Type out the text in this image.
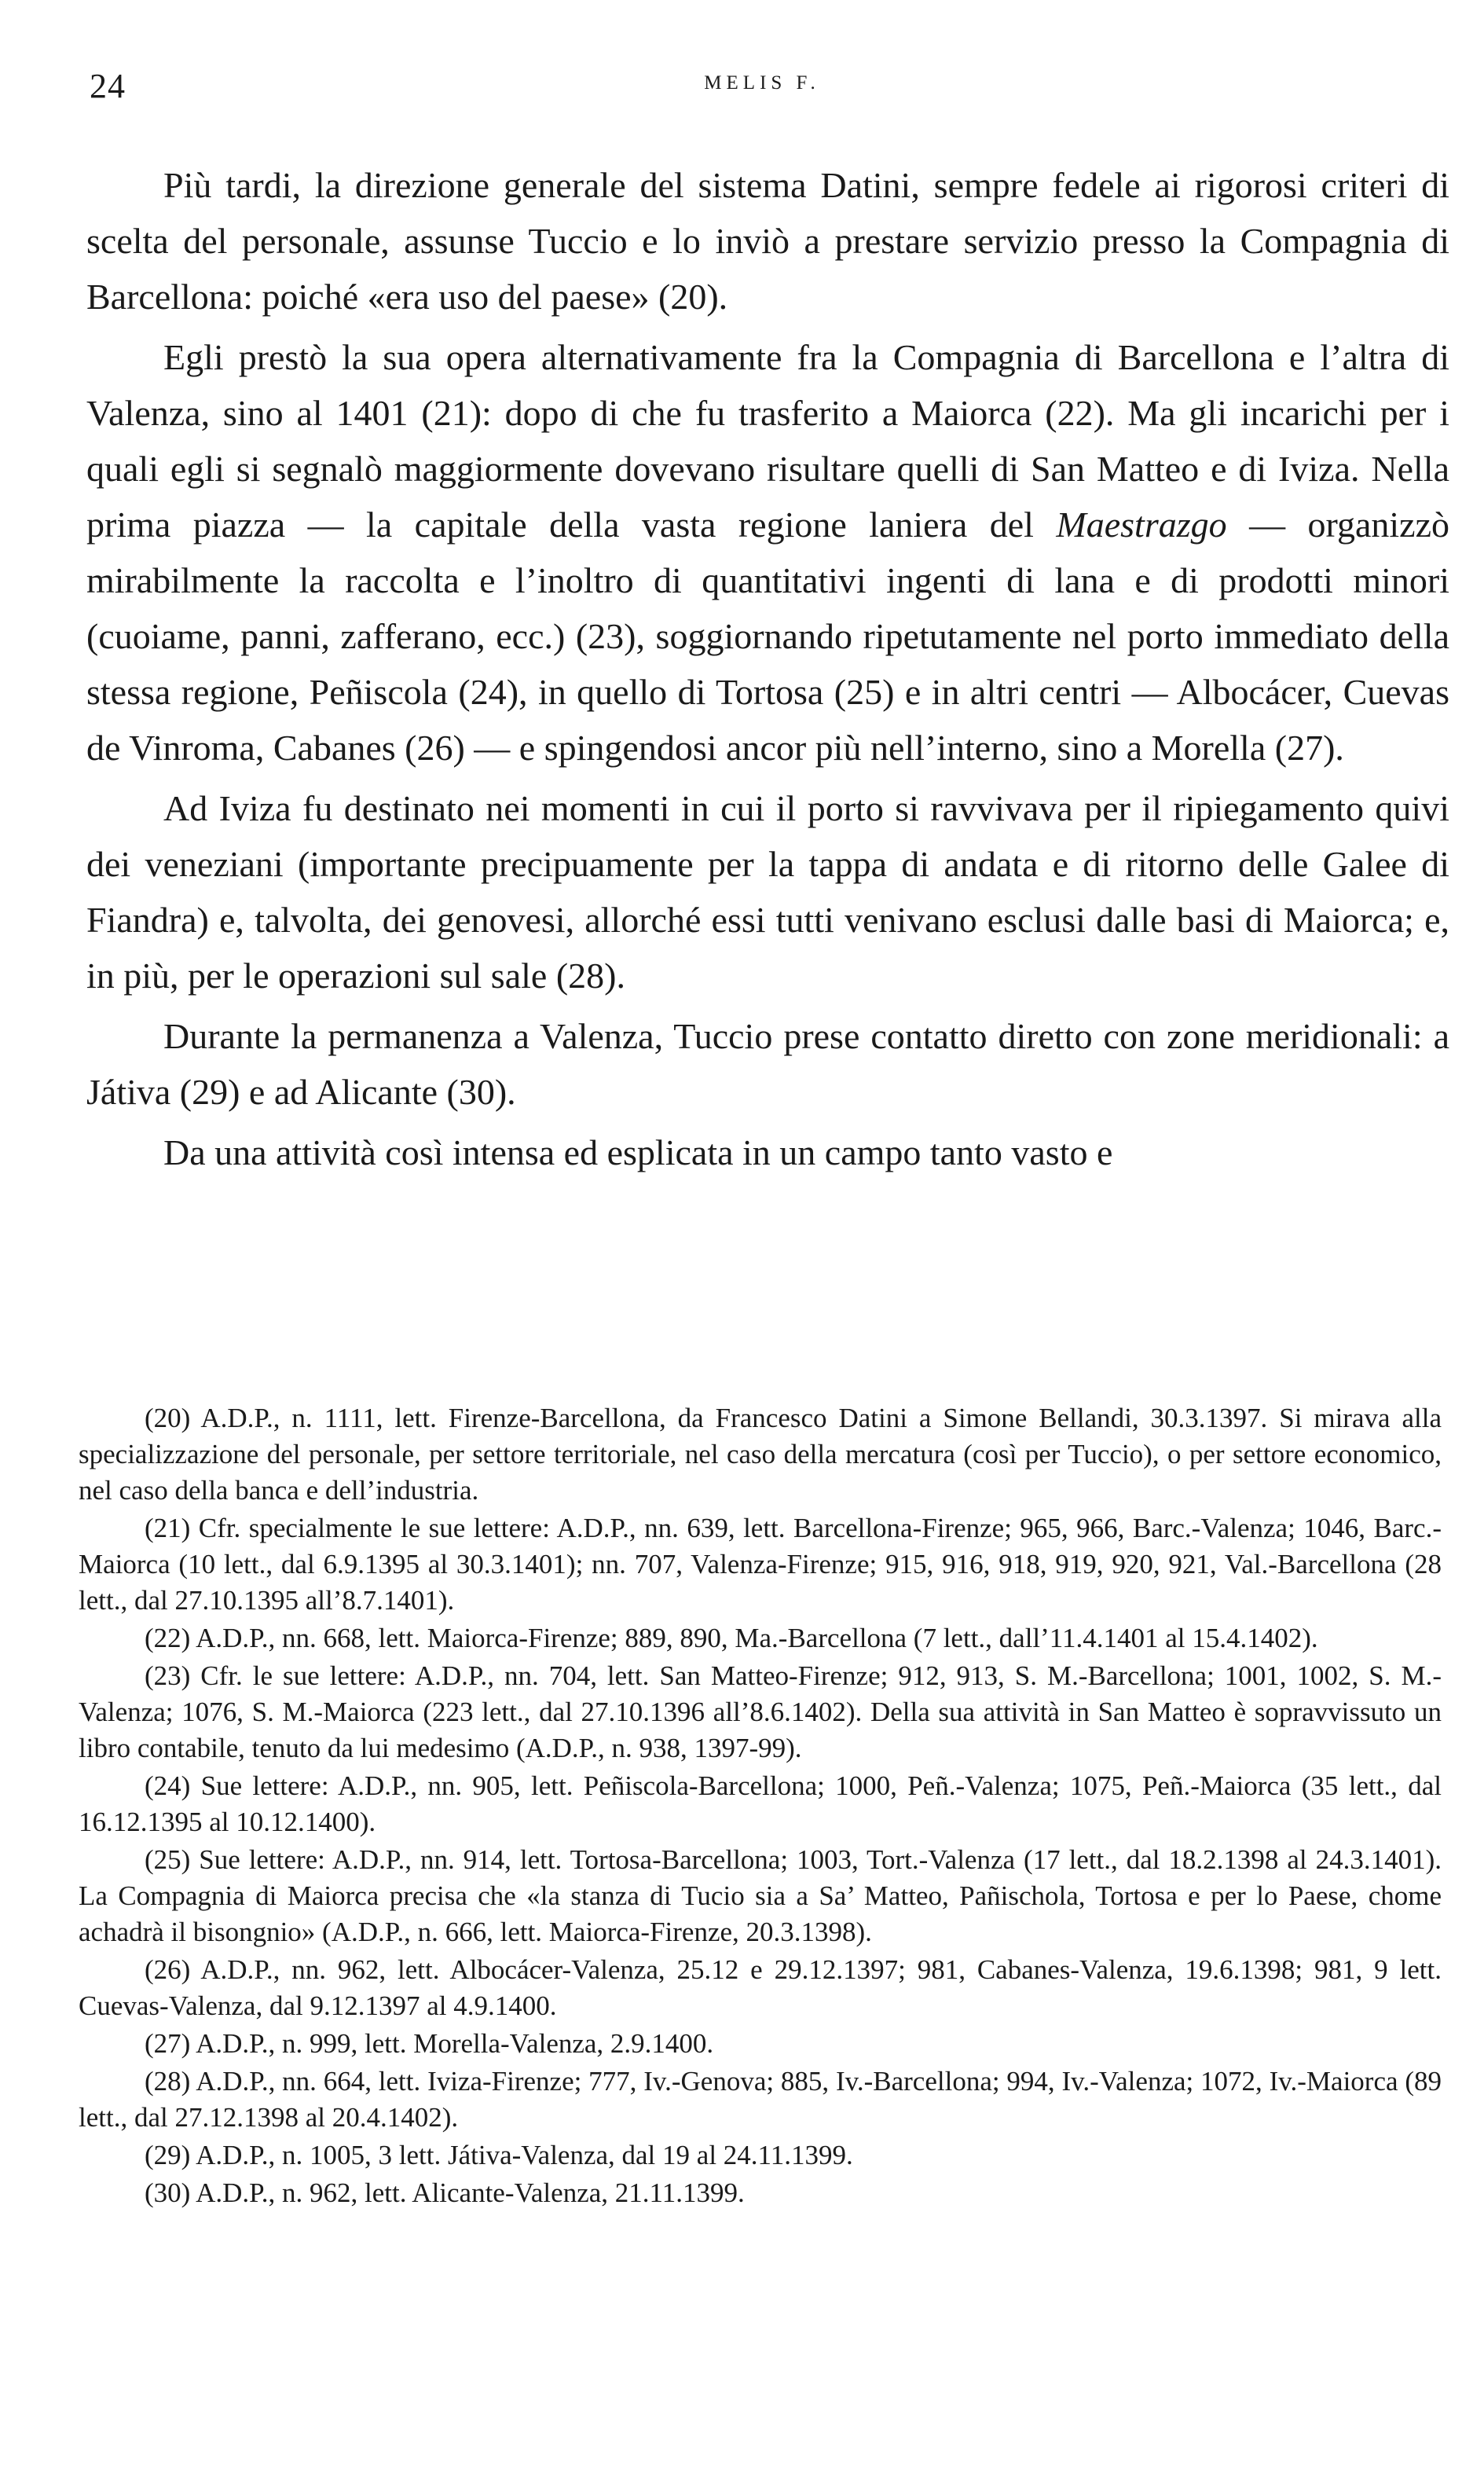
24	MELIS F.

Più tardi, la direzione generale del sistema Datini, sempre fedele ai rigorosi criteri di scelta del personale, assunse Tuccio e lo inviò a prestare servizio presso la Compagnia di Barcellona: poiché «era uso del paese» (20).

Egli prestò la sua opera alternativamente fra la Compagnia di Barcellona e l’altra di Valenza, sino al 1401 (21): dopo di che fu trasferito a Maiorca (22). Ma gli incarichi per i quali egli si segnalò maggiormente dovevano risultare quelli di San Matteo e di Iviza. Nella prima piazza — la capitale della vasta regione laniera del Maestrazgo — organizzò mirabilmente la raccolta e l’inoltro di quantitativi ingenti di lana e di prodotti minori (cuoiame, panni, zafferano, ecc.) (23), soggiornando ripetutamente nel porto immediato della stessa regione, Peñiscola (24), in quello di Tortosa (25) e in altri centri — Albocácer, Cuevas de Vinroma, Cabanes (26) — e spingendosi ancor più nell’interno, sino a Morella (27).

Ad Iviza fu destinato nei momenti in cui il porto si ravvivava per il ripiegamento quivi dei veneziani (importante precipuamente per la tappa di andata e di ritorno delle Galee di Fiandra) e, talvolta, dei genovesi, allorché essi tutti venivano esclusi dalle basi di Maiorca; e, in più, per le operazioni sul sale (28).

Durante la permanenza a Valenza, Tuccio prese contatto diretto con zone meridionali: a Játiva (29) e ad Alicante (30).

Da una attività così intensa ed esplicata in un campo tanto vasto e

(20) A.D.P., n. 1111, lett. Firenze-Barcellona, da Francesco Datini a Simone Bellandi, 30.3.1397. Si mirava alla specializzazione del personale, per settore territoriale, nel caso della mercatura (così per Tuccio), o per settore economico, nel caso della banca e dell’industria.
(21) Cfr. specialmente le sue lettere: A.D.P., nn. 639, lett. Barcellona-Firenze; 965, 966, Barc.-Valenza; 1046, Barc.-Maiorca (10 lett., dal 6.9.1395 al 30.3.1401); nn. 707, Valenza-Firenze; 915, 916, 918, 919, 920, 921, Val.-Barcellona (28 lett., dal 27.10.1395 all’8.7.1401).
(22) A.D.P., nn. 668, lett. Maiorca-Firenze; 889, 890, Ma.-Barcellona (7 lett., dall’11.4.1401 al 15.4.1402).
(23) Cfr. le sue lettere: A.D.P., nn. 704, lett. San Matteo-Firenze; 912, 913, S. M.-Barcellona; 1001, 1002, S. M.-Valenza; 1076, S. M.-Maiorca (223 lett., dal 27.10.1396 all’8.6.1402). Della sua attività in San Matteo è sopravvissuto un libro contabile, tenuto da lui medesimo (A.D.P., n. 938, 1397-99).
(24) Sue lettere: A.D.P., nn. 905, lett. Peñiscola-Barcellona; 1000, Peñ.-Valenza; 1075, Peñ.-Maiorca (35 lett., dal 16.12.1395 al 10.12.1400).
(25) Sue lettere: A.D.P., nn. 914, lett. Tortosa-Barcellona; 1003, Tort.-Valenza (17 lett., dal 18.2.1398 al 24.3.1401). La Compagnia di Maiorca precisa che «la stanza di Tucio sia a Sa’ Matteo, Pañischola, Tortosa e per lo Paese, chome achadrà il bisongnio» (A.D.P., n. 666, lett. Maiorca-Firenze, 20.3.1398).
(26) A.D.P., nn. 962, lett. Albocácer-Valenza, 25.12 e 29.12.1397; 981, Cabanes-Valenza, 19.6.1398; 981, 9 lett. Cuevas-Valenza, dal 9.12.1397 al 4.9.1400.
(27) A.D.P., n. 999, lett. Morella-Valenza, 2.9.1400.
(28) A.D.P., nn. 664, lett. Iviza-Firenze; 777, Iv.-Genova; 885, Iv.-Barcellona; 994, Iv.-Valenza; 1072, Iv.-Maiorca (89 lett., dal 27.12.1398 al 20.4.1402).
(29) A.D.P., n. 1005, 3 lett. Játiva-Valenza, dal 19 al 24.11.1399.
(30) A.D.P., n. 962, lett. Alicante-Valenza, 21.11.1399.
